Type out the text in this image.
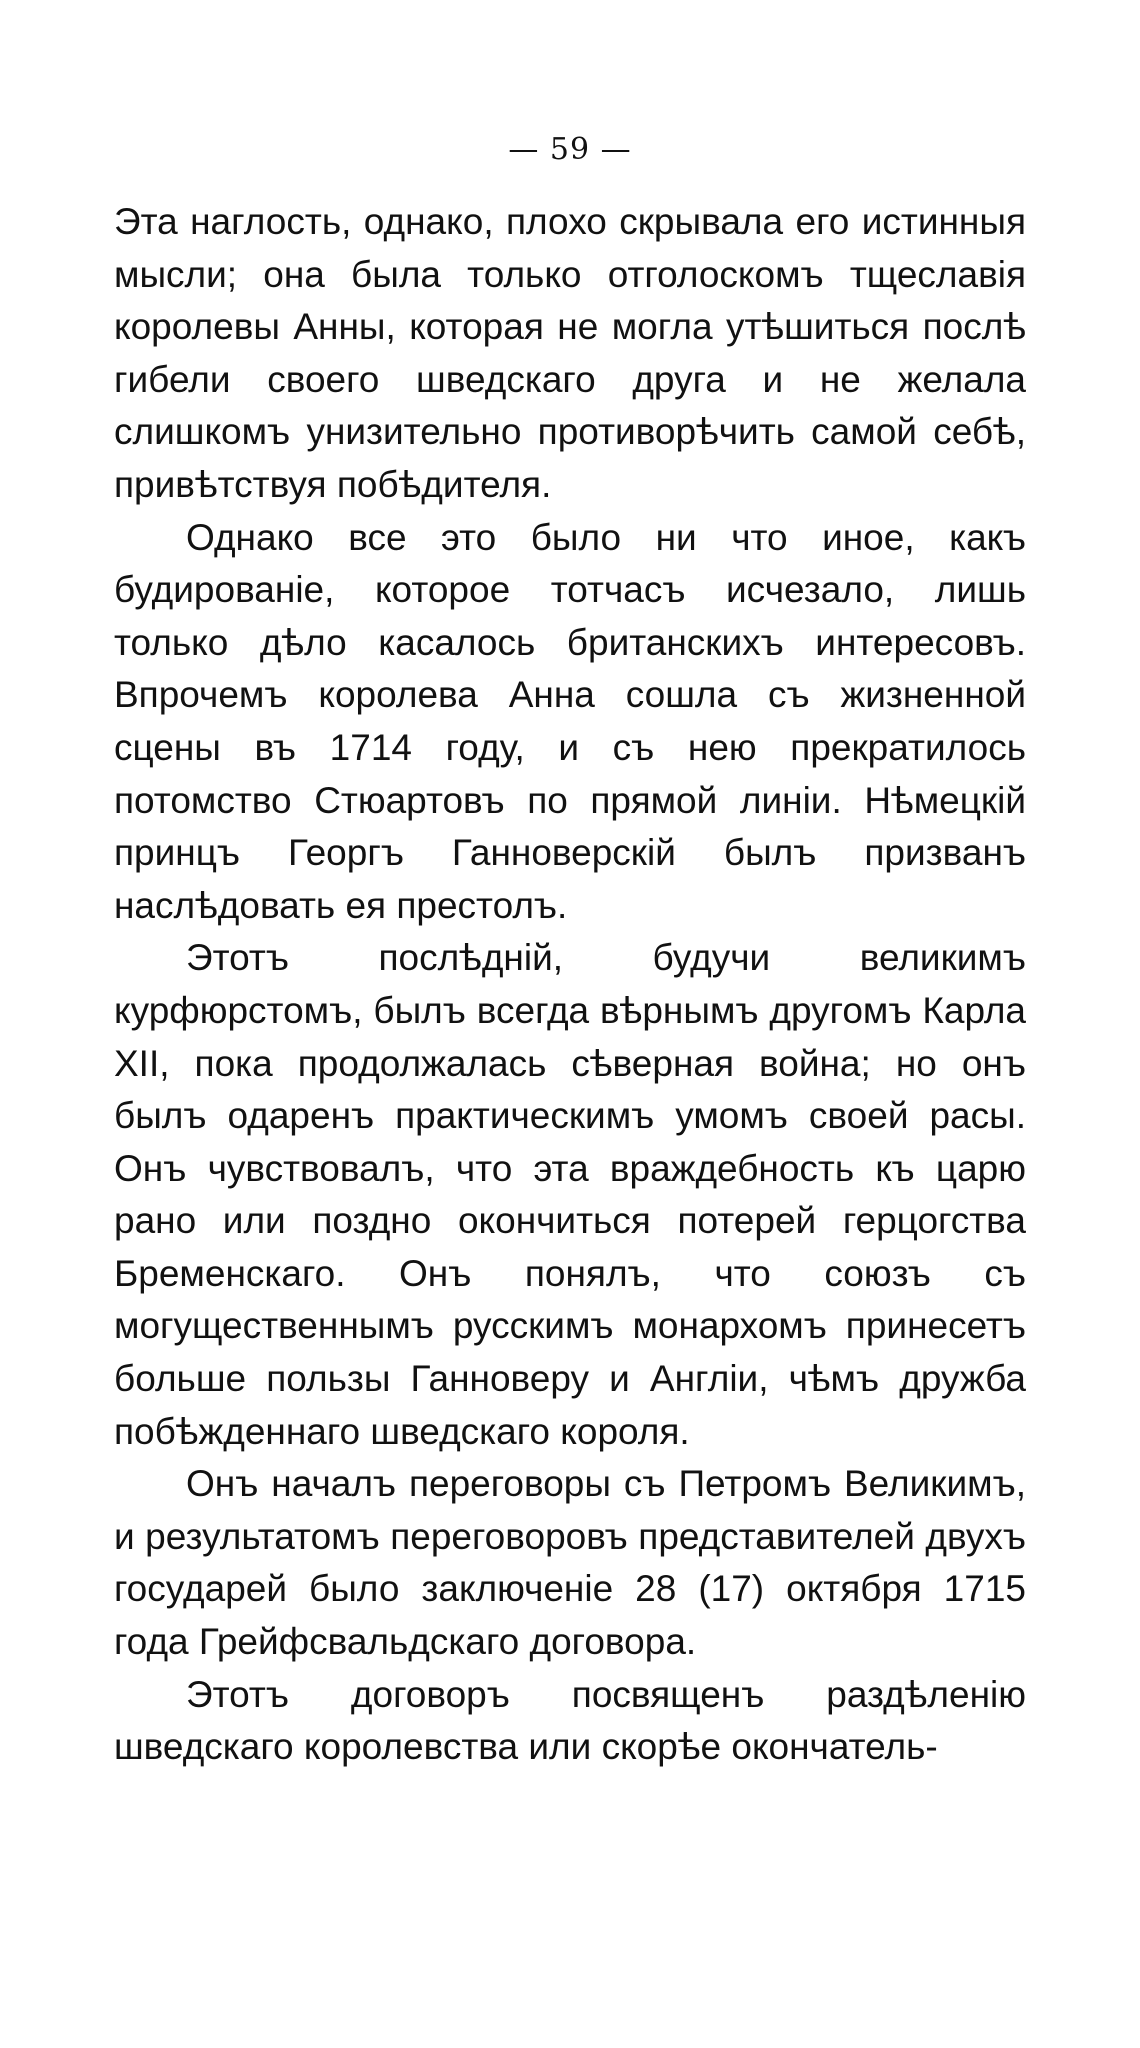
— 59 —

Эта наглость, однако, плохо скрывала его истинныя мысли; она была только отголоскомъ тщеславія королевы Анны, которая не могла утѣшиться послѣ гибели своего шведскаго друга и не желала слишкомъ унизительно противорѣчить самой себѣ, привѣтствуя побѣдителя.

Однако все это было ни что иное, какъ будированіе, которое тотчасъ исчезало, лишь только дѣло касалось британскихъ интересовъ. Впрочемъ королева Анна сошла съ жизненной сцены въ 1714 году, и съ нею прекратилось потомство Стюартовъ по прямой линіи. Нѣмецкій принцъ Георгъ Ганноверскій былъ призванъ наслѣдовать ея престолъ.

Этотъ послѣдній, будучи великимъ курфюрстомъ, былъ всегда вѣрнымъ другомъ Карла XII, пока продолжалась сѣверная война; но онъ былъ одаренъ практическимъ умомъ своей расы. Онъ чувствовалъ, что эта враждебность къ царю рано или поздно окончиться потерей герцогства Бременскаго. Онъ понялъ, что союзъ съ могущественнымъ русскимъ монархомъ принесетъ больше пользы Ганноверу и Англіи, чѣмъ дружба побѣжденнаго шведскаго короля.

Онъ началъ переговоры съ Петромъ Великимъ, и результатомъ переговоровъ представителей двухъ государей было заключеніе 28 (17) октября 1715 года Грейфсвальдскаго договора.

Этотъ договоръ посвященъ раздѣленію шведскаго королевства или скорѣе окончатель-
